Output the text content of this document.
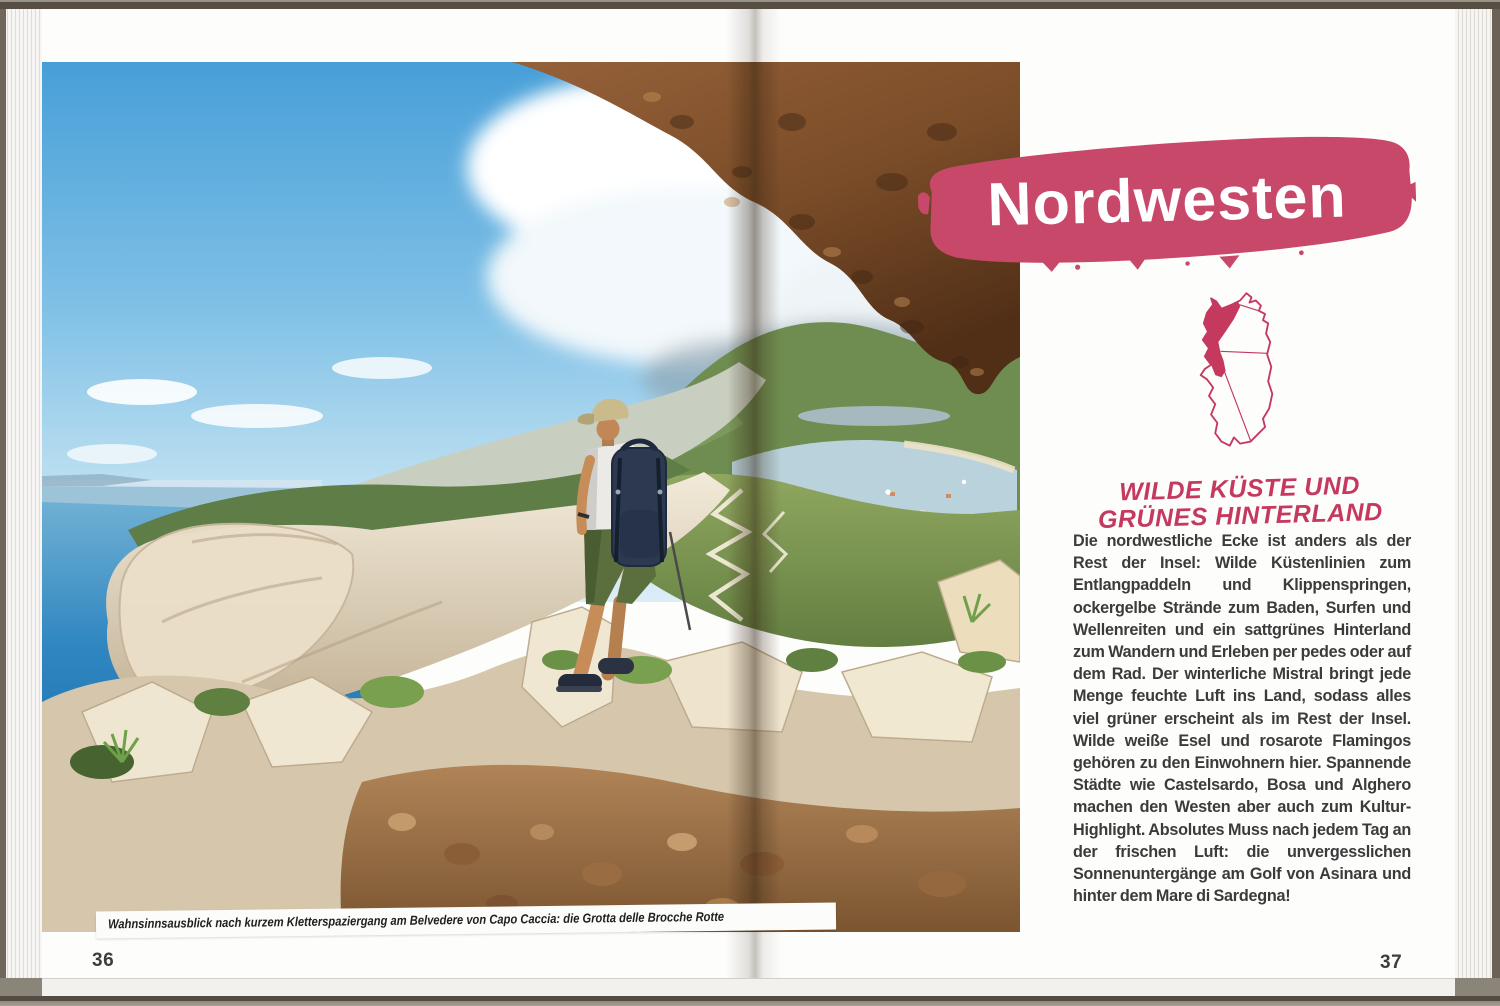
Wahnsinnsausblick nach kurzem Kletterspaziergang am Belvedere von Capo Caccia: die Grotta delle Brocche Rotte
36
Nordwesten
WILDE KÜSTE UND
GRÜNES HINTERLAND

Die nordwestliche Ecke ist anders als der Rest der Insel: Wilde Küstenlinien zum Entlangpaddeln und Klippenspringen, ockergelbe Strände zum Baden, Surfen und Wellenreiten und ein sattgrünes Hinterland zum Wandern und Erleben per pedes oder auf dem Rad. Der winterliche Mistral bringt jede Menge feuchte Luft ins Land, sodass alles viel grüner erscheint als im Rest der Insel. Wilde weiße Esel und rosarote Flamingos gehören zu den Einwohnern hier. Spannende Städte wie Castelsardo, Bosa und Alghero machen den Westen aber auch zum Kultur-Highlight. Absolutes Muss nach jedem Tag an der frischen Luft: die unvergesslichen Sonnenuntergänge am Golf von Asinara und hinter dem Mare di Sardegna!

37
